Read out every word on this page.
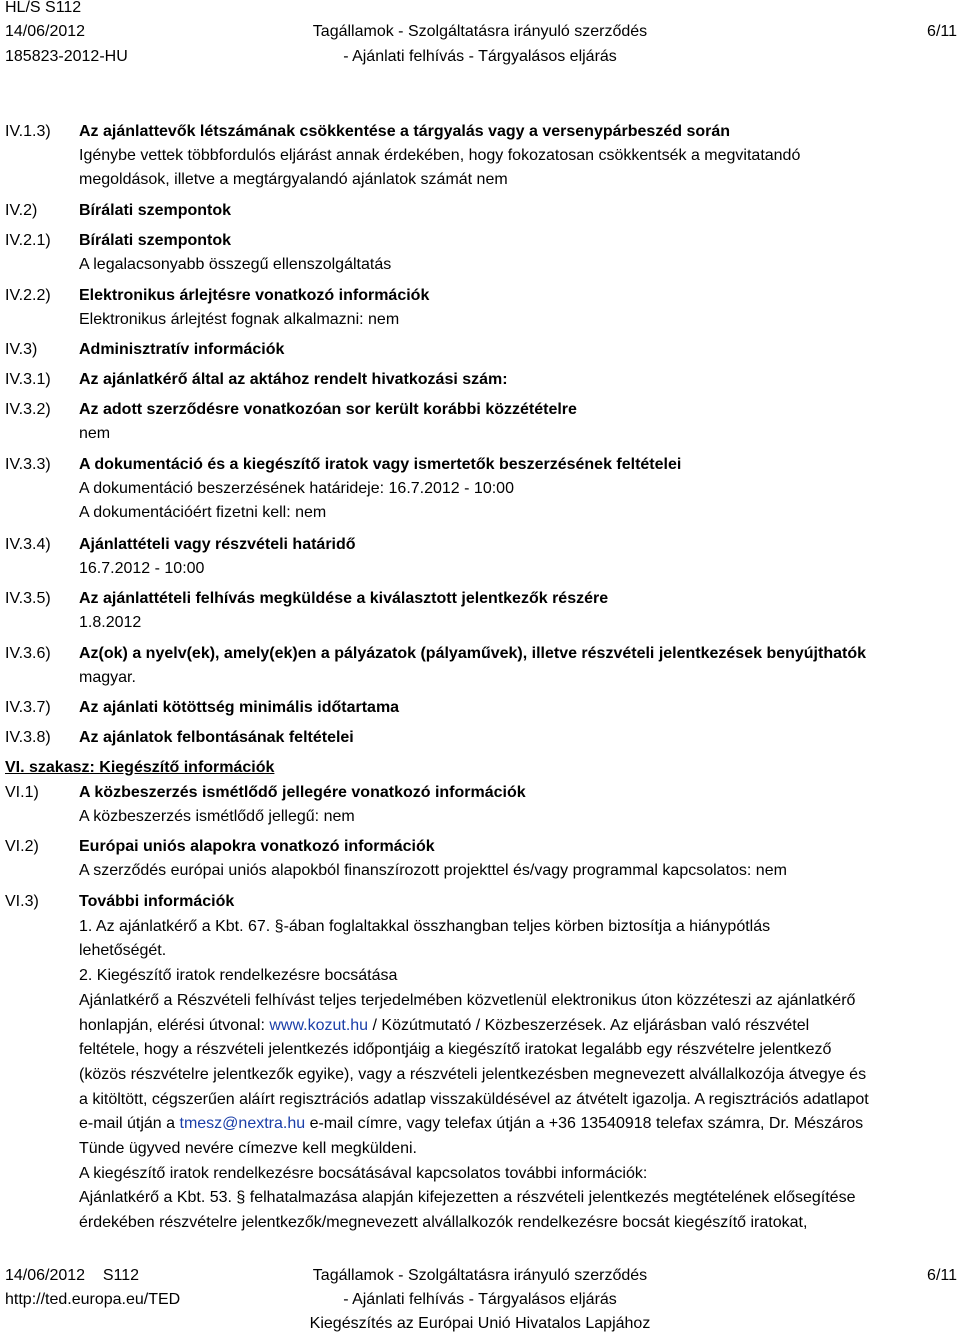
HL/S S112
14/06/2012	Tagállamok - Szolgáltatásra irányuló szerződés	6/11
185823-2012-HU	- Ajánlati felhívás - Tárgyalásos eljárás
IV.1.3) Az ajánlattevők létszámának csökkentése a tárgyalás vagy a versenypárbeszéd során
Igénybe vettek többfordulós eljárást annak érdekében, hogy fokozatosan csökkentsék a megvitatandó
megoldások, illetve a megtárgyalandó ajánlatok számát nem
IV.2)	Bírálati szempontok
IV.2.1) Bírálati szempontok
A legalacsonyabb összegű ellenszolgáltatás
IV.2.2) Elektronikus árlejtésre vonatkozó információk
Elektronikus árlejtést fognak alkalmazni: nem
IV.3)	Adminisztratív információk
IV.3.1) Az ajánlatkérő által az aktához rendelt hivatkozási szám:
IV.3.2) Az adott szerződésre vonatkozóan sor került korábbi közzétételre
nem
IV.3.3) A dokumentáció és a kiegészítő iratok vagy ismertetők beszerzésének feltételei
A dokumentáció beszerzésének határideje: 16.7.2012 - 10:00
A dokumentációért fizetni kell: nem
IV.3.4) Ajánlattételi vagy részvételi határidő
16.7.2012 - 10:00
IV.3.5) Az ajánlattételi felhívás megküldése a kiválasztott jelentkezők részére
1.8.2012
IV.3.6) Az(ok) a nyelv(ek), amely(ek)en a pályázatok (pályaművek), illetve részvételi jelentkezések benyújthatók
magyar.
IV.3.7) Az ajánlati kötöttség minimális időtartama
IV.3.8) Az ajánlatok felbontásának feltételei
VI. szakasz: Kiegészítő információk
VI.1)	A közbeszerzés ismétlődő jellegére vonatkozó információk
A közbeszerzés ismétlődő jellegű: nem
VI.2)	Európai uniós alapokra vonatkozó információk
A szerződés európai uniós alapokból finanszírozott projekttel és/vagy programmal kapcsolatos: nem
VI.3)	További információk
1. Az ajánlatkérő a Kbt. 67. §-ában foglaltakkal összhangban teljes körben biztosítja a hiánypótlás
lehetőségét.
2. Kiegészítő iratok rendelkezésre bocsátása
Ajánlatkérő a Részvételi felhívást teljes terjedelmében közvetlenül elektronikus úton közzéteszi az ajánlatkérő
honlapján, elérési útvonal: www.kozut.hu / Közútmutató / Közbeszerzések. Az eljárásban való részvétel
feltétele, hogy a részvételi jelentkezés időpontjáig a kiegészítő iratokat legalább egy részvételre jelentkező
(közös részvételre jelentkezők egyike), vagy a részvételi jelentkezésben megnevezett alvállalkozója átvegye és
a kitöltött, cégszerűen aláírt regisztrációs adatlap visszaküldésével az átvételt igazolja. A regisztrációs adatlapot
e-mail útján a tmesz@nextra.hu e-mail címre, vagy telefax útján a +36 13540918 telefax számra, Dr. Mészáros
Tünde ügyved nevére címezve kell megküldeni.
A kiegészítő iratok rendelkezésre bocsátásával kapcsolatos további információk:
Ajánlatkérő a Kbt. 53. § felhatalmazása alapján kifejezetten a részvételi jelentkezés megtételének elősegítése
érdekében részvételre jelentkezők/megnevezett alvállalkozók rendelkezésre bocsát kiegészítő iratokat,
14/06/2012 S112	Tagállamok - Szolgáltatásra irányuló szerződés	6/11
http://ted.europa.eu/TED	- Ajánlati felhívás - Tárgyalásos eljárás
Kiegészítés az Európai Unió Hivatalos Lapjához
